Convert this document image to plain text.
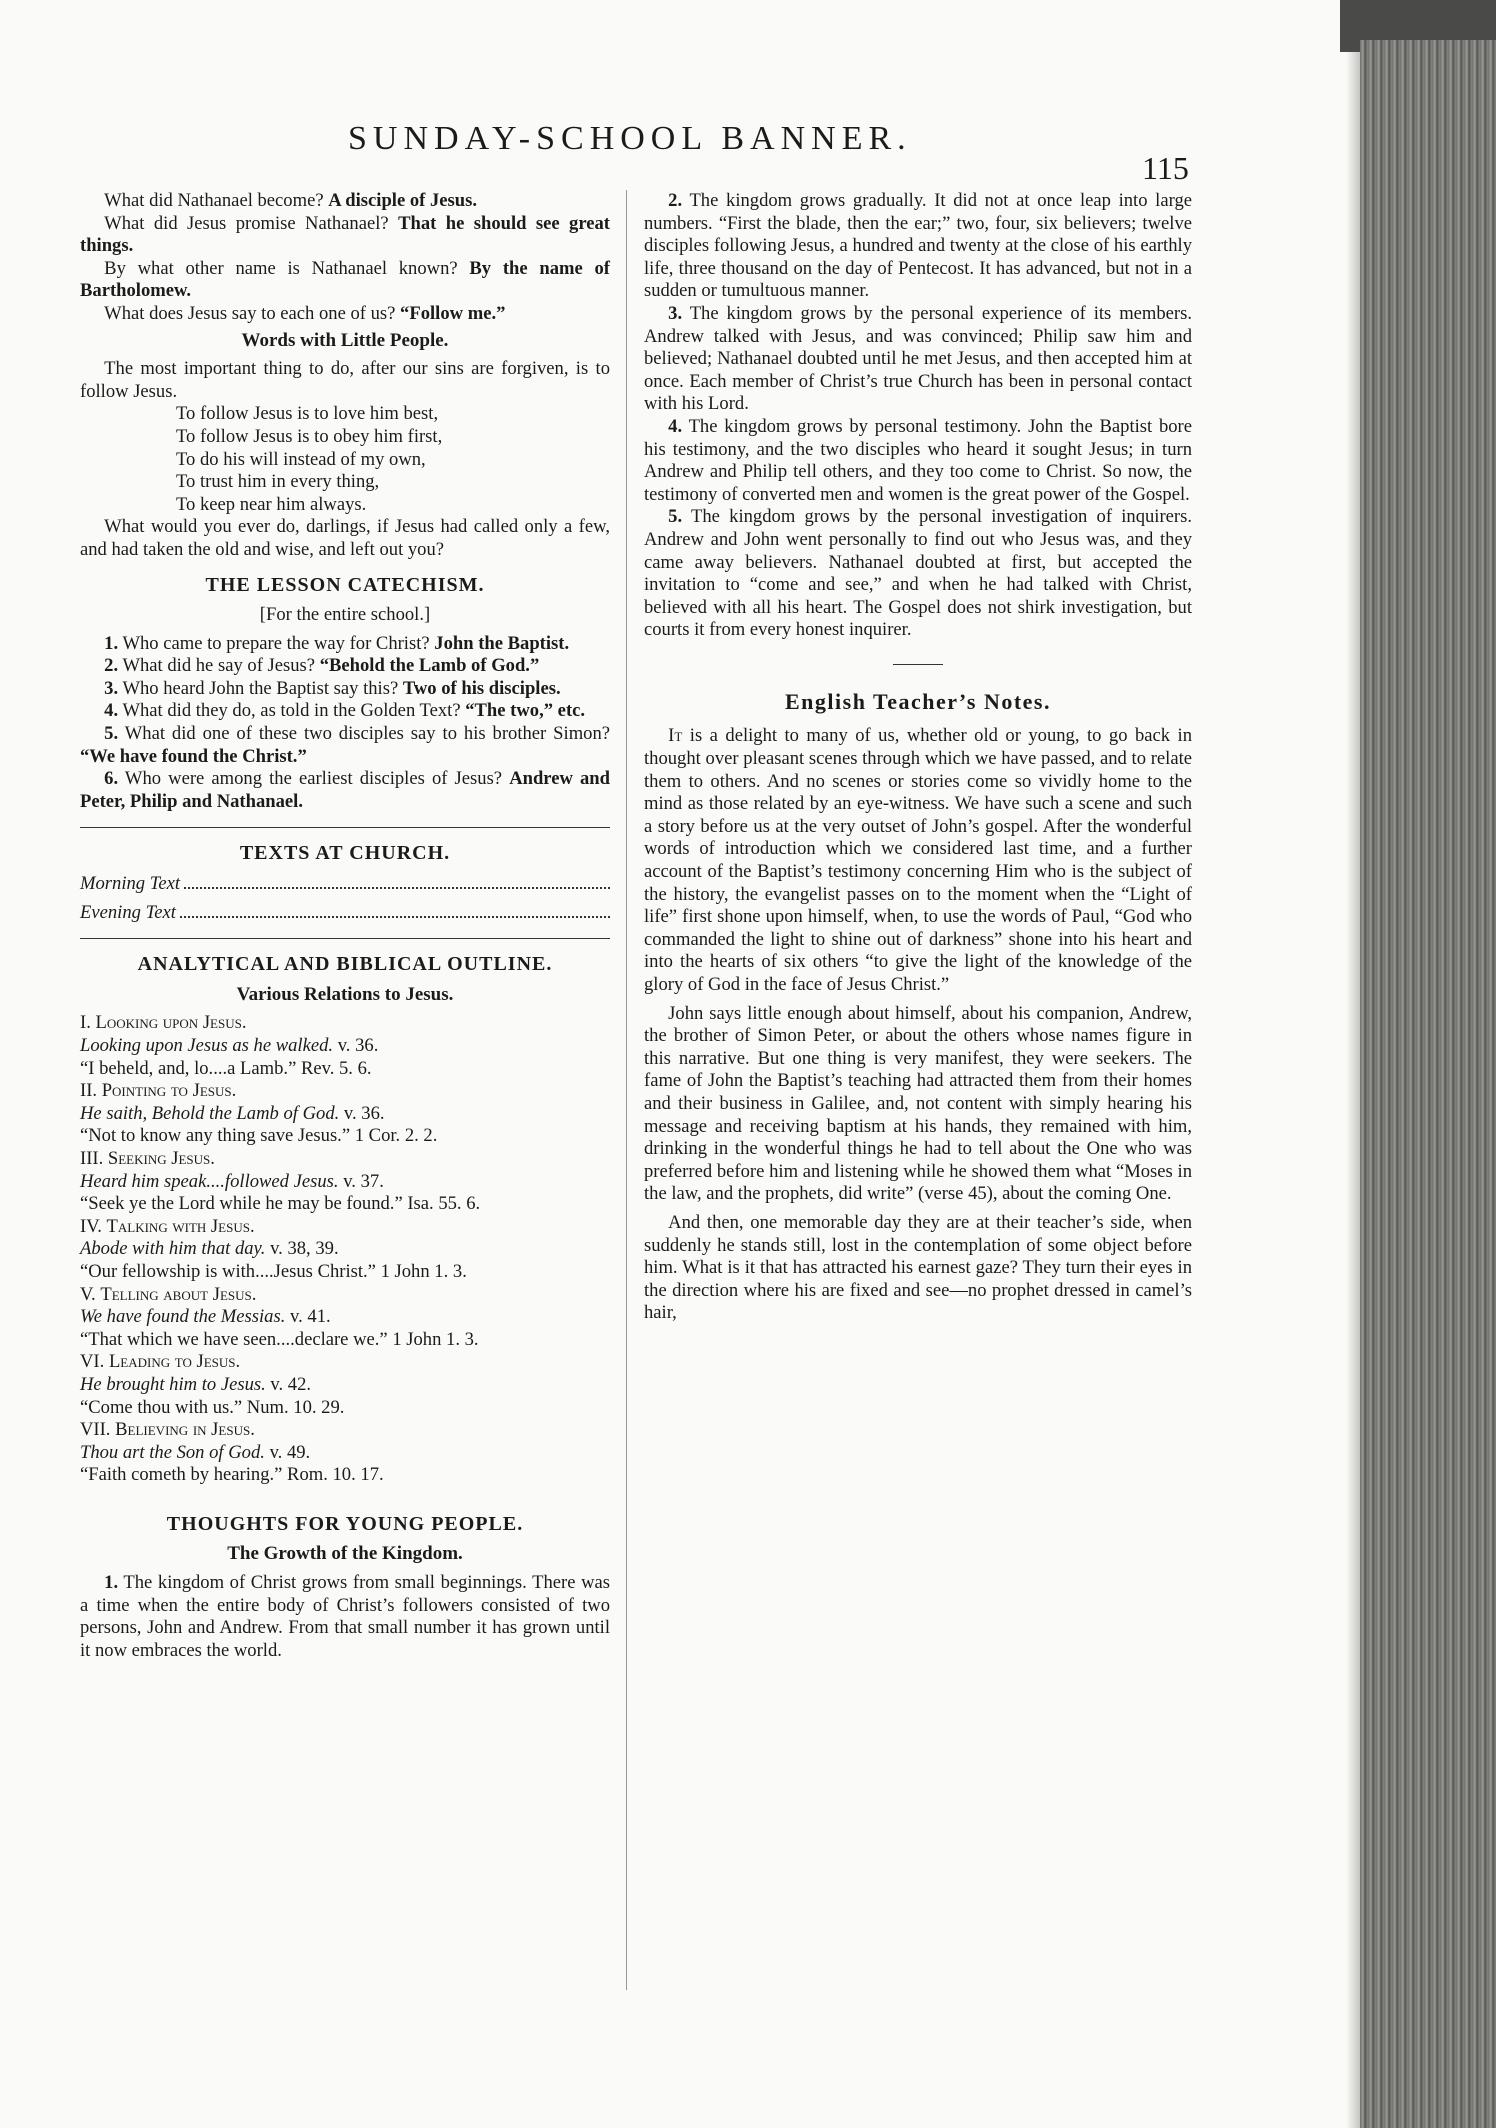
SUNDAY-SCHOOL BANNER.
115

What did Nathanael become? A disciple of Jesus.

What did Jesus promise Nathanael? That he should see great things.

By what other name is Nathanael known? By the name of Bartholomew.

What does Jesus say to each one of us? “Follow me.”

Words with Little People.

The most important thing to do, after our sins are forgiven, is to follow Jesus.

To follow Jesus is to love him best,
To follow Jesus is to obey him first,
To do his will instead of my own,
To trust him in every thing,
To keep near him always.

What would you ever do, darlings, if Jesus had called only a few, and had taken the old and wise, and left out you?

THE LESSON CATECHISM.

[For the entire school.]

1. Who came to prepare the way for Christ? John the Baptist.

2. What did he say of Jesus? “Behold the Lamb of God.”

3. Who heard John the Baptist say this? Two of his disciples.

4. What did they do, as told in the Golden Text? “The two,” etc.

5. What did one of these two disciples say to his brother Simon? “We have found the Christ.”

6. Who were among the earliest disciples of Jesus? Andrew and Peter, Philip and Nathanael.

TEXTS AT CHURCH.
Morning Text
Evening Text
ANALYTICAL AND BIBLICAL OUTLINE.
Various Relations to Jesus.

I. Looking upon Jesus.

Looking upon Jesus as he walked. v. 36.

“I beheld, and, lo....a Lamb.” Rev. 5. 6.

II. Pointing to Jesus.

He saith, Behold the Lamb of God. v. 36.

“Not to know any thing save Jesus.” 1 Cor. 2. 2.

III. Seeking Jesus.

Heard him speak....followed Jesus. v. 37.

“Seek ye the Lord while he may be found.” Isa. 55. 6.

IV. Talking with Jesus.

Abode with him that day. v. 38, 39.

“Our fellowship is with....Jesus Christ.” 1 John 1. 3.

V. Telling about Jesus.

We have found the Messias. v. 41.

“That which we have seen....declare we.” 1 John 1. 3.

VI. Leading to Jesus.

He brought him to Jesus. v. 42.

“Come thou with us.” Num. 10. 29.

VII. Believing in Jesus.

Thou art the Son of God. v. 49.

“Faith cometh by hearing.” Rom. 10. 17.

THOUGHTS FOR YOUNG PEOPLE.
The Growth of the Kingdom.

1. The kingdom of Christ grows from small beginnings. There was a time when the entire body of Christ’s followers consisted of two persons, John and Andrew. From that small number it has grown until it now embraces the world.

2. The kingdom grows gradually. It did not at once leap into large numbers. “First the blade, then the ear;” two, four, six believers; twelve disciples following Jesus, a hundred and twenty at the close of his earthly life, three thousand on the day of Pentecost. It has advanced, but not in a sudden or tumultuous manner.

3. The kingdom grows by the personal experience of its members. Andrew talked with Jesus, and was convinced; Philip saw him and believed; Nathanael doubted until he met Jesus, and then accepted him at once. Each member of Christ’s true Church has been in personal contact with his Lord.

4. The kingdom grows by personal testimony. John the Baptist bore his testimony, and the two disciples who heard it sought Jesus; in turn Andrew and Philip tell others, and they too come to Christ. So now, the testimony of converted men and women is the great power of the Gospel.

5. The kingdom grows by the personal investigation of inquirers. Andrew and John went personally to find out who Jesus was, and they came away believers. Nathanael doubted at first, but accepted the invitation to “come and see,” and when he had talked with Christ, believed with all his heart. The Gospel does not shirk investigation, but courts it from every honest inquirer.

English Teacher’s Notes.

It is a delight to many of us, whether old or young, to go back in thought over pleasant scenes through which we have passed, and to relate them to others. And no scenes or stories come so vividly home to the mind as those related by an eye-witness. We have such a scene and such a story before us at the very outset of John’s gospel. After the wonderful words of introduction which we considered last time, and a further account of the Baptist’s testimony concerning Him who is the subject of the history, the evangelist passes on to the moment when the “Light of life” first shone upon himself, when, to use the words of Paul, “God who commanded the light to shine out of darkness” shone into his heart and into the hearts of six others “to give the light of the knowledge of the glory of God in the face of Jesus Christ.”

John says little enough about himself, about his companion, Andrew, the brother of Simon Peter, or about the others whose names figure in this narrative. But one thing is very manifest, they were seekers. The fame of John the Baptist’s teaching had attracted them from their homes and their business in Galilee, and, not content with simply hearing his message and receiving baptism at his hands, they remained with him, drinking in the wonderful things he had to tell about the One who was preferred before him and listening while he showed them what “Moses in the law, and the prophets, did write” (verse 45), about the coming One.

And then, one memorable day they are at their teacher’s side, when suddenly he stands still, lost in the contemplation of some object before him. What is it that has attracted his earnest gaze? They turn their eyes in the direction where his are fixed and see—no prophet dressed in camel’s hair,
